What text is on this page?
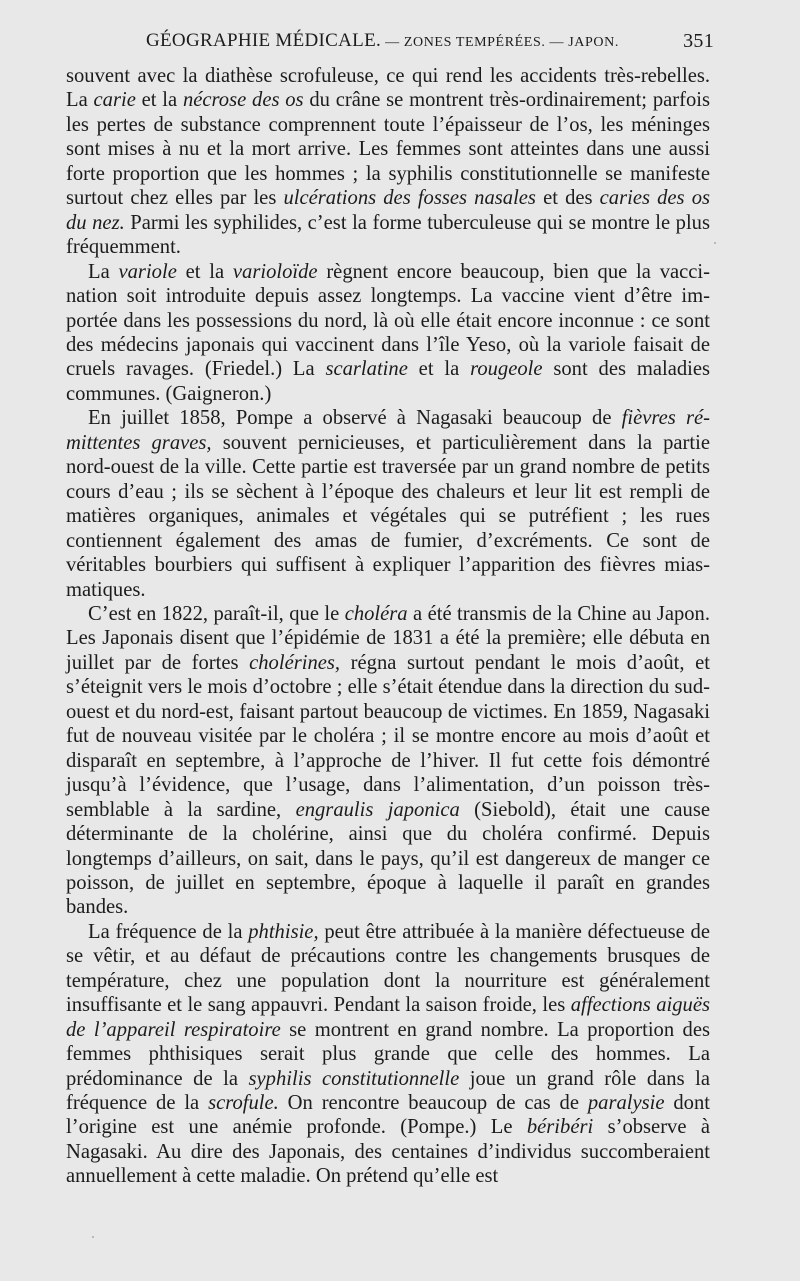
GÉOGRAPHIE MÉDICALE. — ZONES TEMPÉRÉES. — JAPON.	351

souvent avec la diathèse scrofuleuse, ce qui rend les accidents très-rebelles. La carie et la nécrose des os du crâne se montrent très-ordinairement; parfois les pertes de substance comprennent toute l’épaisseur de l’os, les méninges sont mises à nu et la mort arrive. Les femmes sont atteintes dans une aussi forte proportion que les hommes ; la syphilis constitutionnelle se manifeste surtout chez elles par les ulcérations des fosses nasales et des caries des os du nez. Parmi les syphilides, c’est la forme tuberculeuse qui se montre le plus fréquemment.

La variole et la varioloïde règnent encore beaucoup, bien que la vaccination soit introduite depuis assez longtemps. La vaccine vient d’être importée dans les possessions du nord, là où elle était encore inconnue : ce sont des médecins japonais qui vaccinent dans l’île Yeso, où la variole faisait de cruels ravages. (Friedel.) La scarlatine et la rougeole sont des maladies communes. (Gaigneron.)

En juillet 1858, Pompe a observé à Nagasaki beaucoup de fièvres rémittentes graves, souvent pernicieuses, et particulièrement dans la partie nord-ouest de la ville. Cette partie est traversée par un grand nombre de petits cours d’eau ; ils se sèchent à l’époque des chaleurs et leur lit est rempli de matières organiques, animales et végétales qui se putréfient ; les rues contiennent également des amas de fumier, d’excréments. Ce sont de véritables bourbiers qui suffisent à expliquer l’apparition des fièvres miasmatiques.

C’est en 1822, paraît-il, que le choléra a été transmis de la Chine au Japon. Les Japonais disent que l’épidémie de 1831 a été la première; elle débuta en juillet par de fortes cholérines, régna surtout pendant le mois d’août, et s’éteignit vers le mois d’octobre ; elle s’était étendue dans la direction du sud-ouest et du nord-est, faisant partout beaucoup de victimes. En 1859, Nagasaki fut de nouveau visitée par le choléra ; il se montre encore au mois d’août et disparaît en septembre, à l’approche de l’hiver. Il fut cette fois démontré jusqu’à l’évidence, que l’usage, dans l’alimentation, d’un poisson très-semblable à la sardine, engraulis japonica (Siebold), était une cause déterminante de la cholérine, ainsi que du choléra confirmé. Depuis longtemps d’ailleurs, on sait, dans le pays, qu’il est dangereux de manger ce poisson, de juillet en septembre, époque à laquelle il paraît en grandes bandes.

La fréquence de la phthisie, peut être attribuée à la manière défectueuse de se vêtir, et au défaut de précautions contre les changements brusques de température, chez une population dont la nourriture est généralement insuffisante et le sang appauvri. Pendant la saison froide, les affections aiguës de l’appareil respiratoire se montrent en grand nombre. La proportion des femmes phthisiques serait plus grande que celle des hommes. La prédominance de la syphilis constitutionnelle joue un grand rôle dans la fréquence de la scrofule. On rencontre beaucoup de cas de paralysie dont l’origine est une anémie profonde. (Pompe.) Le béribéri s’observe à Nagasaki. Au dire des Japonais, des centaines d’individus succomberaient annuellement à cette maladie. On prétend qu’elle est
